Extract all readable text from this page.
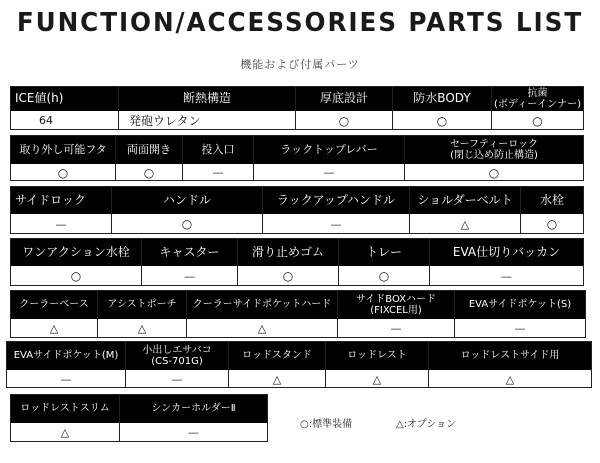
FUNCTION/ACCESSORIES PARTS LIST
機能および付属パーツ
ICE値(h)
64
断熱構造
発砲ウレタン
厚底設計
○
防水BODY
○
抗菌
(ボディーインナー)
○
取り外し可能フタ
○
両面開き
○
投入口
—
ラックトップレバー
—
セーフティーロック
(閉じ込め防止構造)
○
サイドロック
—
ハンドル
○
ラックアップハンドル
—
ショルダーベルト
△
水栓
○
ワンアクション水栓
○
キャスター
—
滑り止めゴム
○
トレー
○
EVA仕切りバッカン
—
クーラーベース
△
アシストポーチ
△
クーラーサイドポケットハード
△
サイドBOXハード
(FIXCEL用)
—
EVAサイドポケット(S)
—
EVAサイドポケット(M)
—
小出しエサバコ
(CS-701G)
—
ロッドスタンド
△
ロッドレスト
△
ロッドレストサイド用
△
ロッドレストスリム
△
シンカーホルダーⅡ
—
○:標準装備	△:オプション
